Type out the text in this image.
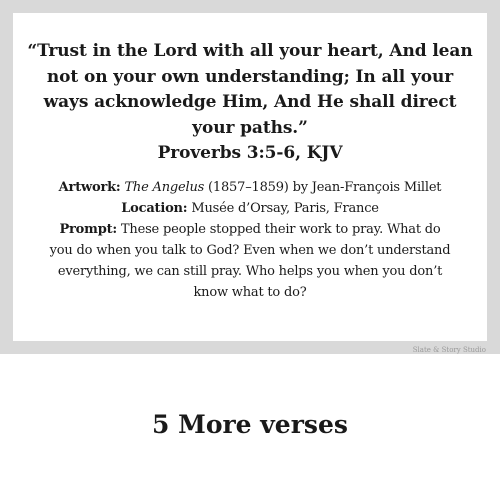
“Trust in the Lord with all your heart, And lean

not on your own understanding; In all your

ways acknowledge Him, And He shall direct

your paths.”

Proverbs 3:5-6, KJV

Artwork: The Angelus (1857–1859) by Jean-François Millet

Location: Musée d’Orsay, Paris, France

Prompt: These people stopped their work to pray. What do

you do when you talk to God? Even when we don’t understand

everything, we can still pray. Who helps you when you don’t

know what to do?

Slate & Story Studio
5 More verses
